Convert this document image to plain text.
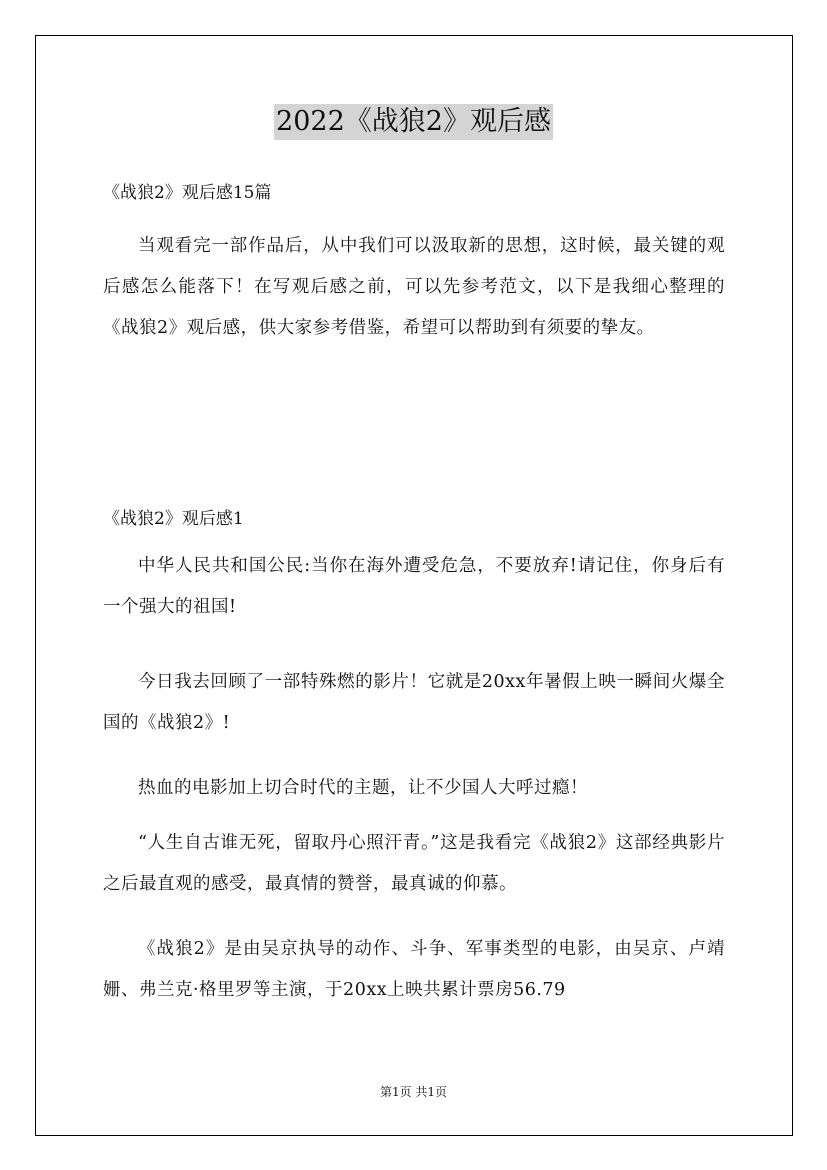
2022《战狼2》观后感
《战狼2》观后感15篇

当观看完一部作品后，从中我们可以汲取新的思想，这时候，最关键的观后感怎么能落下！在写观后感之前，可以先参考范文，以下是我细心整理的《战狼2》观后感，供大家参考借鉴，希望可以帮助到有须要的挚友。

《战狼2》观后感1

中华人民共和国公民:当你在海外遭受危急，不要放弃!请记住，你身后有一个强大的祖国!

今日我去回顾了一部特殊燃的影片！它就是20xx年暑假上映一瞬间火爆全国的《战狼2》!

热血的电影加上切合时代的主题，让不少国人大呼过瘾！

“人生自古谁无死，留取丹心照汗青。”这是我看完《战狼2》这部经典影片之后最直观的感受，最真情的赞誉，最真诚的仰慕。

《战狼2》是由吴京执导的动作、斗争、军事类型的电影，由吴京、卢靖姗、弗兰克·格里罗等主演，于20xx上映共累计票房56.79

第1页 共1页
